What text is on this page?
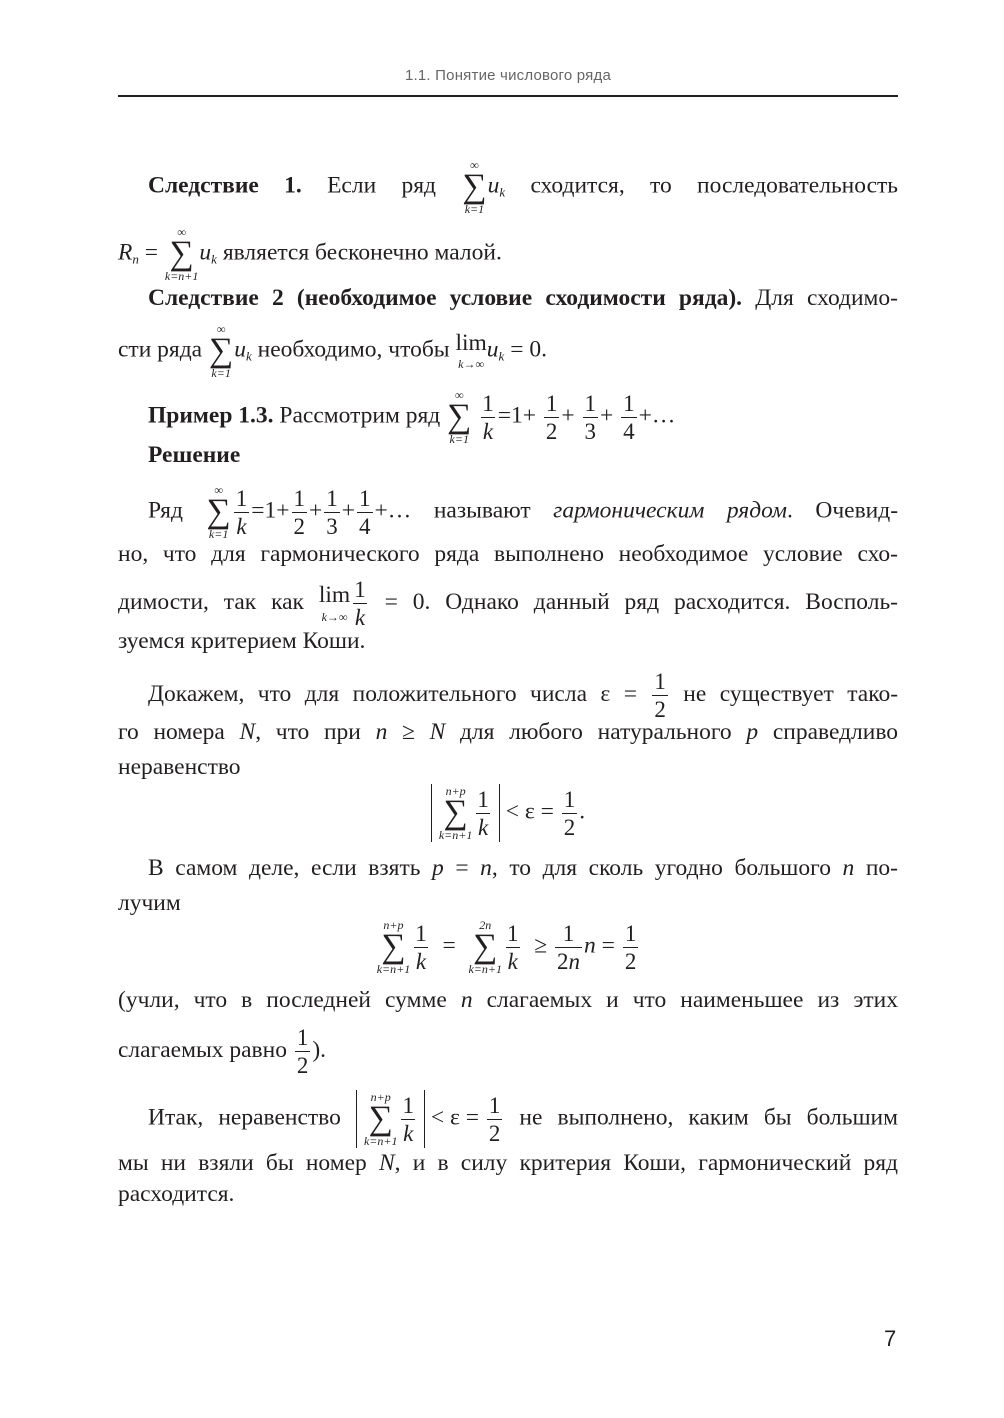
1.1. Понятие числового ряда
Следствие 1. Если ряд
∞
∑
k=1
$u_k$ сходится, то последовательность
$R_n$ =
∞
∑
k=n+1
$u_k$ является бесконечно малой.
Следствие 2 (необходимое условие сходимости ряда). Для сходимо-
сти ряда
∞
∑
k=1
$u_k$ необходимо, чтобы lim
k→∞
$u_k = 0$.
Пример 1.3. Рассмотрим ряд
∞
∑
k=1
$\frac{1}{k} =1+ \frac{1}{2} + \frac{1}{3} + \frac{1}{4}$ +…
Решение
Ряд
∞
∑
$k=1 \frac{1}{k} =1+ \frac{1}{2} + \frac{1}{3} + \frac{1}{4}$ +… называют гармоническим рядом. Очевид-
но, что для гармонического ряда выполнено необходимое условие схо-
димости, так как lim
$k\to\infty \frac{1}{k} = 0$. Однако данный ряд расходится. Восполь-
зуемся критерием Коши.
Докажем, что для положительного числа $\varepsilon = \frac{1}{2}$ не существует тако-
го номера N, что при n ≥ N для любого натурального p справедливо
неравенство
n+p
∑
$k=n+1 \frac{1}{k} < \varepsilon = \frac{1}{2}$ .
В самом деле, если взять p = n, то для сколь угодно большого n по-
лучим
n+p
∑
$k=n+1 \frac{1}{k}$ =
2n
∑
$k=n+1 \frac{1}{k} \ge \frac{1}{2n}$ $n = \frac{1}{2}$
(учли, что в последней сумме n слагаемых и что наименьшее из этих
слагаемых равно $\frac{1}{2}$ ).
Итак, неравенство
n+p
∑
$k=n+1 \frac{1}{k} < \varepsilon = \frac{1}{2}$ не выполнено, каким бы большим
мы ни взяли бы номер N, и в силу критерия Коши, гармонический ряд
расходится.
7
